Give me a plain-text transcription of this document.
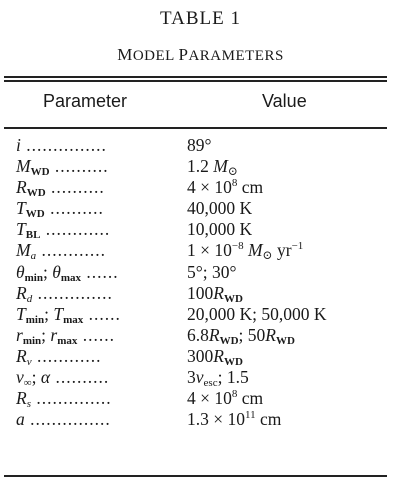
TABLE 1
MODEL PARAMETERS
Parameter	Value
i ...............	89°
$M_{WD}$ ..........	1.2 $M_⊙$
$R_{WD}$ ..........	$4 \times 10^8$ cm
$T_{WD}$ ..........	40,000 K
$T_{BL}$ ............	10,000 K
$M_a$ ............	$1 \times 10^{-8}$ $M_⊙$ $yr^{-1}$
$\theta_{min}$; $\theta_{max}$ ......	5°; 30°
$R_d$ ..............	$100R_{WD}$
$T_{min}$; $T_{max}$ ......	20,000 K; 50,000 K
$r_{min}$; $r_{max}$ ......	$6.8R_{WD}$; $50R_{WD}$
$R_v$ ............	$300R_{WD}$
$v_\infty$; α ..........	$3v_{esc}$; 1.5
$R_s$ ..............	$4 \times 10^8$ cm
a ...............	$1.3 \times 10^{11}$ cm
